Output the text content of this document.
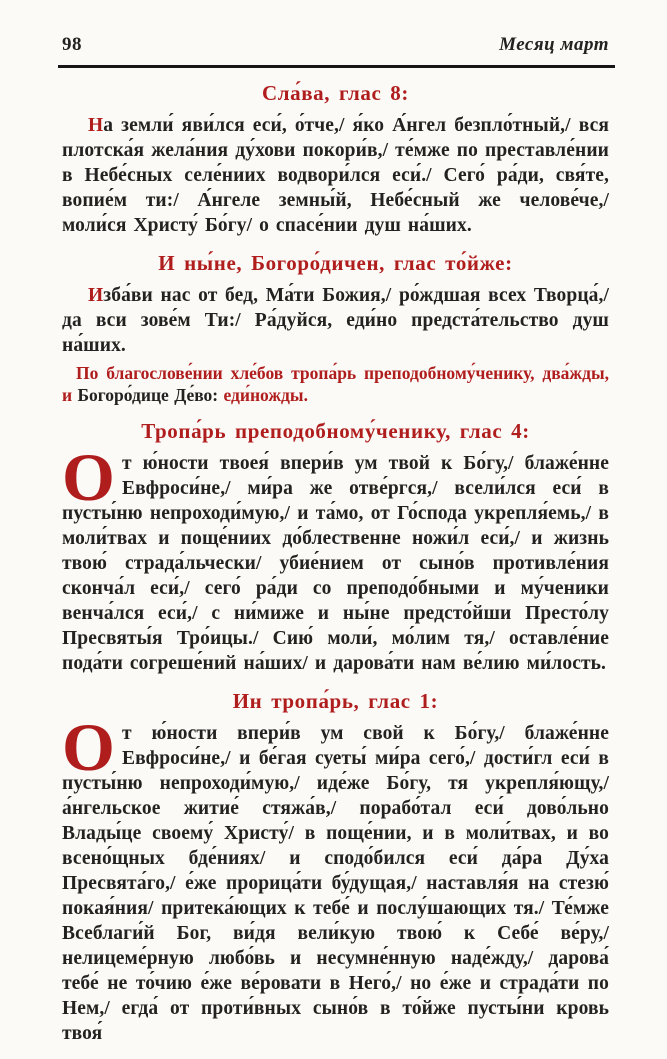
98	Месяц март
Сла́ва, глас 8:

На земли́ яви́лся еси́, о́тче,/ я́ко А́нгел безпло́тный,/ вся плотска́я жела́ния ду́хови покори́в,/ те́мже по преставле́нии в Небе́сных селе́ниих водвори́лся еси́./ Сего́ ра́ди, свя́те, вопие́м ти:/ А́нгеле земны́й, Небе́сный же челове́че,/ моли́ся Христу́ Бо́гу/ о спасе́нии душ на́ших.

И ны́не, Богоро́дичен, глас то́йже:

Изба́ви нас от бед, Ма́ти Божия,/ ро́ждшая всех Творца́,/ да вси зове́м Ти:/ Ра́дуйся, еди́но предста́тельство душ на́ших.

По благослове́нии хле́бов тропа́рь преподобному́ченику, два́жды, и Богоро́дице Де́во: еди́ножды.

Тропа́рь преподобному́ченику, глас 4:

От ю́ности твоея́ впери́в ум твой к Бо́гу,/ блаже́нне Евфроси́не,/ ми́ра же отве́ргся,/ всели́лся еси́ в пусты́ню непроходи́мую,/ и та́мо, от Го́спода укрепля́емь,/ в моли́твах и поще́ниих до́блественне ножи́л еси́,/ и жизнь твою́ страда́льчески/ убие́нием от сыно́в противле́ния сконча́л еси́,/ сего́ ра́ди со преподо́бными и му́ченики венча́лся еси́,/ с ни́миже и ны́не предсто́йши Престо́лу Пресвяты́я Тро́ицы./ Сию́ моли́, мо́лим тя,/ оставле́ние пода́ти согреше́ний на́ших/ и дарова́ти нам ве́лию ми́лость.

Ин тропа́рь, глас 1:

От ю́ности впери́в ум свой к Бо́гу,/ блаже́нне Евфроси́не,/ и бе́гая суеты́ ми́ра сего́,/ дости́гл еси́ в пусты́ню непроходи́мую,/ иде́же Бо́гу, тя укрепля́ющу,/ а́нгельское житие́ стяжа́в,/ порабо́тал еси́ дово́льно Влады́це своему́ Христу́/ в поще́нии, и в моли́твах, и во всено́щных бде́ниях/ и сподо́бился еси́ да́ра Ду́ха Пресвята́го,/ е́же прорица́ти бу́дущая,/ наставля́я на стезю́ покая́ния/ притека́ющих к тебе́ и послу́шающих тя./ Те́мже Всеблаги́й Бог, ви́дя вели́кую твою́ к Себе́ ве́ру,/ нелицеме́рную любо́вь и несумне́нную наде́жду,/ дарова́ тебе́ не то́чию е́же ве́ровати в Него́,/ но е́же и страда́ти по Нем,/ егда́ от проти́вных сыно́в в то́йже пусты́ни кровь твоя́
